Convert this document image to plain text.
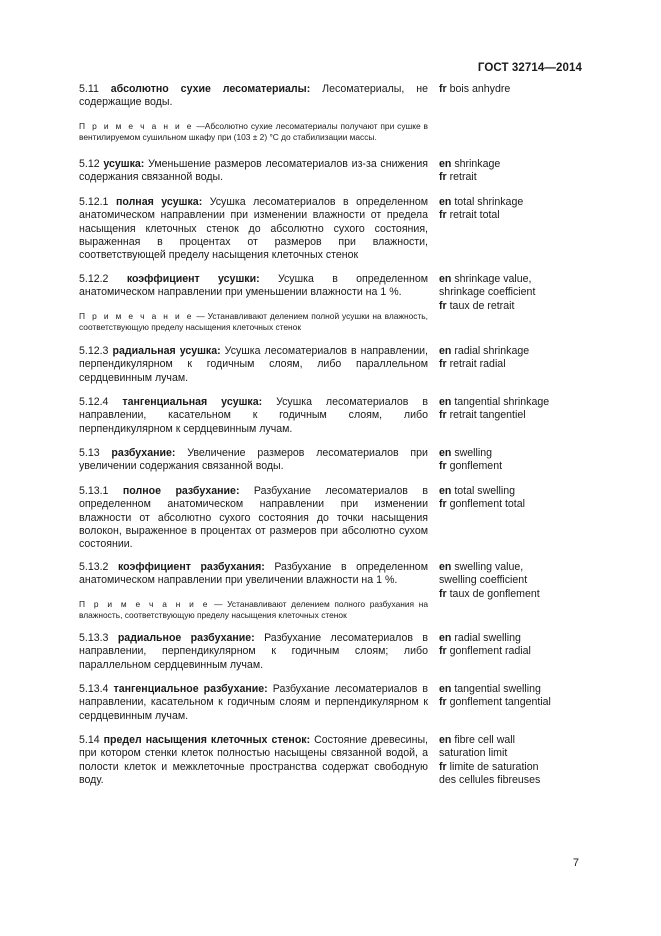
ГОСТ 32714—2014
5.11 абсолютно сухие лесоматериалы: Лесоматериалы, не содержащие воды.
П р и м е ч а н и е —Абсолютно сухие лесоматериалы получают при сушке в вентилируемом сушильном шкафу при (103 ± 2) °С до стабилизации массы.
fr bois anhydre
5.12 усушка: Уменьшение размеров лесоматериалов из-за снижения содержания связанной воды.
en shrinkage
fr retrait
5.12.1 полная усушка: Усушка лесоматериалов в определенном анатомическом направлении при изменении влажности от предела насыщения клеточных стенок до абсолютно сухого состояния, выраженная в процентах от размеров при влажности, соответствующей пределу насыщения клеточных стенок
en total shrinkage
fr retrait total
5.12.2 коэффициент усушки: Усушка в определенном анатомическом направлении при уменьшении влажности на 1 %.
П р и м е ч а н и е — Устанавливают делением полной усушки на влажность, соответствующую пределу насыщения клеточных стенок
en shrinkage value,
shrinkage coefficient
fr taux de retrait
5.12.3 радиальная усушка: Усушка лесоматериалов в направлении, перпендикулярном к годичным слоям, либо параллельном сердцевинным лучам.
en radial shrinkage
fr retrait radial
5.12.4 тангенциальная усушка: Усушка лесоматериалов в направлении, касательном к годичным слоям, либо перпендикулярном к сердцевинным лучам.
en tangential shrinkage
fr retrait tangentiel
5.13 разбухание: Увеличение размеров лесоматериалов при увеличении содержания связанной воды.
en swelling
fr gonflement
5.13.1 полное разбухание: Разбухание лесоматериалов в определенном анатомическом направлении при изменении влажности от абсолютно сухого состояния до точки насыщения волокон, выраженное в процентах от размеров при абсолютно сухом состоянии.
en total swelling
fr gonflement total
5.13.2 коэффициент разбухания: Разбухание в определенном анатомическом направлении при увеличении влажности на 1 %.
П р и м е ч а н и е — Устанавливают делением полного разбухания на влажность, соответствующую пределу насыщения клеточных стенок
en swelling value,
swelling coefficient
fr taux de gonflement
5.13.3 радиальное разбухание: Разбухание лесоматериалов в направлении, перпендикулярном к годичным слоям; либо параллельном сердцевинным лучам.
en radial swelling
fr gonflement radial
5.13.4 тангенциальное разбухание: Разбухание лесоматериалов в направлении, касательном к годичным слоям и перпендикулярном к сердцевинным лучам.
en tangential swelling
fr gonflement tangential
5.14 предел насыщения клеточных стенок: Состояние древесины, при котором стенки клеток полностью насыщены связанной водой, а полости клеток и межклеточные пространства содержат свободную воду.
en fibre cell wall
saturation limit
fr limite de saturation
des cellules fibreuses
7
